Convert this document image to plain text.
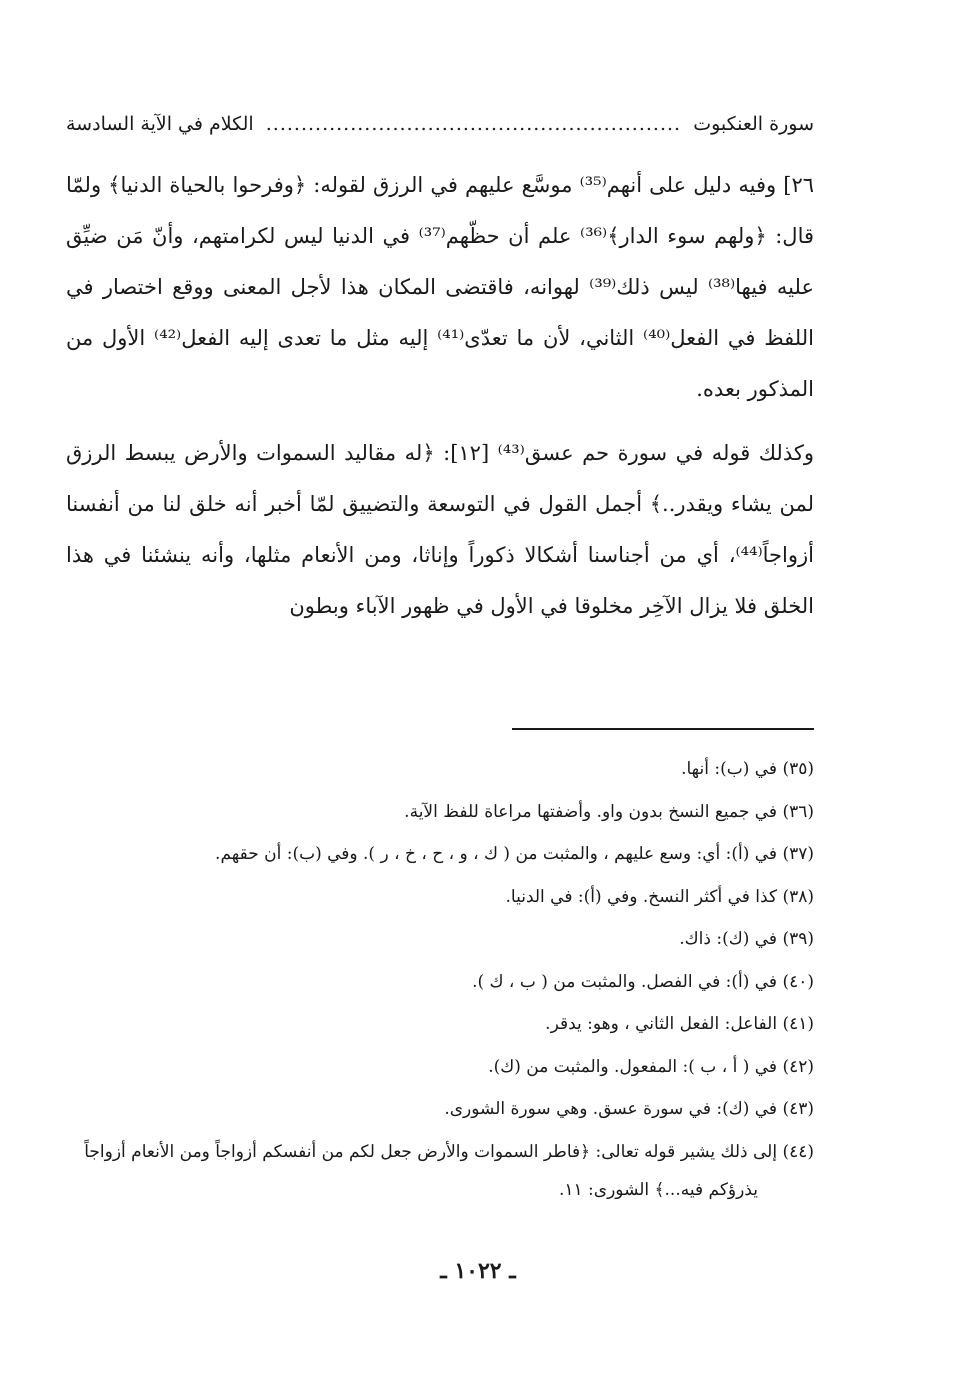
سورة العنكبوت
...........................................................
الكلام في الآية السادسة
٢٦] وفيه دليل على أنهم⁽³⁵⁾ موسَّع عليهم في الرزق لقوله: ﴿وفرحوا بالحياة الدنيا﴾ ولمّا قال: ﴿ولهم سوء الدار﴾⁽³⁶⁾ علم أن حظّهم⁽³⁷⁾ في الدنيا ليس لكرامتهم، وأنّ مَن ضيِّق عليه فيها⁽³⁸⁾ ليس ذلك⁽³⁹⁾ لهوانه، فاقتضى المكان هذا لأجل المعنى ووقع اختصار في اللفظ في الفعل⁽⁴⁰⁾ الثاني، لأن ما تعدّى⁽⁴¹⁾ إليه مثل ما تعدى إليه الفعل⁽⁴²⁾ الأول من المذكور بعده.
وكذلك قوله في سورة حم عسق⁽⁴³⁾ [١٢]: ﴿له مقاليد السموات والأرض يبسط الرزق لمن يشاء ويقدر..﴾ أجمل القول في التوسعة والتضييق لمّا أخبر أنه خلق لنا من أنفسنا أزواجاً⁽⁴⁴⁾، أي من أجناسنا أشكالا ذكوراً وإناثا، ومن الأنعام مثلها، وأنه ينشئنا في هذا الخلق فلا يزال الآخِر مخلوقا في الأول في ظهور الآباء وبطون

(٣٥) في (ب): أنها.

(٣٦) في جميع النسخ بدون واو. وأضفتها مراعاة للفظ الآية.

(٣٧) في (أ): أي: وسع عليهم ، والمثبت من ( ك ، و ، ح ، خ ، ر ). وفي (ب): أن حقهم.

(٣٨) كذا في أكثر النسخ. وفي (أ): في الدنيا.

(٣٩) في (ك): ذاك.

(٤٠) في (أ): في الفصل. والمثبت من ( ب ، ك ).

(٤١) الفاعل: الفعل الثاني ، وهو: يدقر.

(٤٢) في ( أ ، ب ): المفعول. والمثبت من (ك).

(٤٣) في (ك): في سورة عسق. وهي سورة الشورى.

(٤٤) إلى ذلك يشير قوله تعالى: ﴿فاطر السموات والأرض جعل لكم من أنفسكم أزواجاً ومن الأنعام أزواجاً يذرؤكم فيه...﴾ الشورى: ١١.

ـ ١٠٢٢ ـ
